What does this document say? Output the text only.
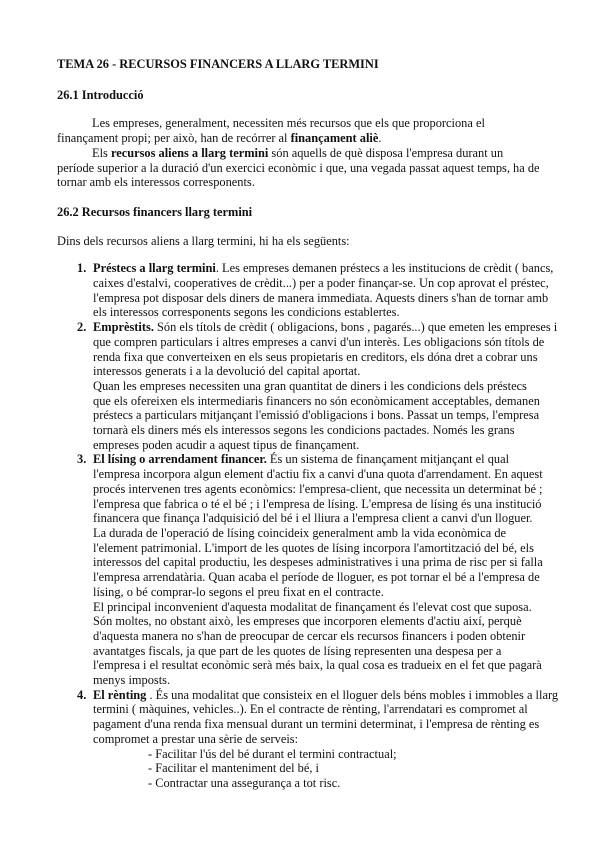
TEMA 26 - RECURSOS FINANCERS A LLARG TERMINI
26.1 Introducció
Les empreses, generalment, necessiten més recursos que els que proporciona el
finançament propi; per això, han de recórrer al finançament aliè.
Els recursos aliens a llarg termini són aquells de què disposa l'empresa durant un
període superior a la duració d'un exercici econòmic i que, una vegada passat aquest temps, ha de
tornar amb els interessos corresponents.
26.2 Recursos financers llarg termini
Dins dels recursos aliens a llarg termini, hi ha els següents:
1. Préstecs a llarg termini. Les empreses demanen préstecs a les institucions de crèdit ( bancs,
caixes d'estalvi, cooperatives de crèdit...) per a poder finançar-se. Un cop aprovat el préstec,
l'empresa pot disposar dels diners de manera immediata. Aquests diners s'han de tornar amb
els interessos corresponents segons les condicions establertes.
2. Emprèstits. Són els títols de crèdit ( obligacions, bons , pagarés...) que emeten les empreses i
que compren particulars i altres empreses a canvi d'un interès. Les obligacions són títols de
renda fixa que converteixen en els seus propietaris en creditors, els dóna dret a cobrar uns
interessos generats i a la devolució del capital aportat.
Quan les empreses necessiten una gran quantitat de diners i les condicions dels préstecs
que els ofereixen els intermediaris financers no són econòmicament acceptables, demanen
préstecs a particulars mitjançant l'emissió d'obligacions i bons. Passat un temps, l'empresa
tornarà els diners més els interessos segons les condicions pactades. Només les grans
empreses poden acudir a aquest tipus de finançament.
3. El lísing o arrendament financer. És un sistema de finançament mitjançant el qual
l'empresa incorpora algun element d'actiu fix a canvi d'una quota d'arrendament. En aquest
procés intervenen tres agents econòmics: l'empresa-client, que necessita un determinat bé ;
l'empresa que fabrica o té el bé ; i l'empresa de lísing. L'empresa de lísing és una institució
financera que finança l'adquisició del bé i el lliura a l'empresa client a canvi d'un lloguer.
La durada de l'operació de lísing coincideix generalment amb la vida econòmica de
l'element patrimonial. L'import de les quotes de lísing incorpora l'amortització del bé, els
interessos del capital productiu, les despeses administratives i una prima de risc per si falla
l'empresa arrendatària. Quan acaba el període de lloguer, es pot tornar el bé a l'empresa de
lísing, o bé comprar-lo segons el preu fixat en el contracte.
El principal inconvenient d'aquesta modalitat de finançament és l'elevat cost que suposa.
Són moltes, no obstant això, les empreses que incorporen elements d'actiu així, perquè
d'aquesta manera no s'han de preocupar de cercar els recursos financers i poden obtenir
avantatges fiscals, ja que part de les quotes de lísing representen una despesa per a
l'empresa i el resultat econòmic serà més baix, la qual cosa es tradueix en el fet que pagarà
menys imposts.
4. El rènting . És una modalitat que consisteix en el lloguer dels béns mobles i immobles a llarg
termini ( màquines, vehicles..). En el contracte de rènting, l'arrendatari es compromet al
pagament d'una renda fixa mensual durant un termini determinat, i l'empresa de rènting es
compromet a prestar una sèrie de serveis:
- Facilitar l'ús del bé durant el termini contractual;
- Facilitar el manteniment del bé, i
- Contractar una assegurança a tot risc.
